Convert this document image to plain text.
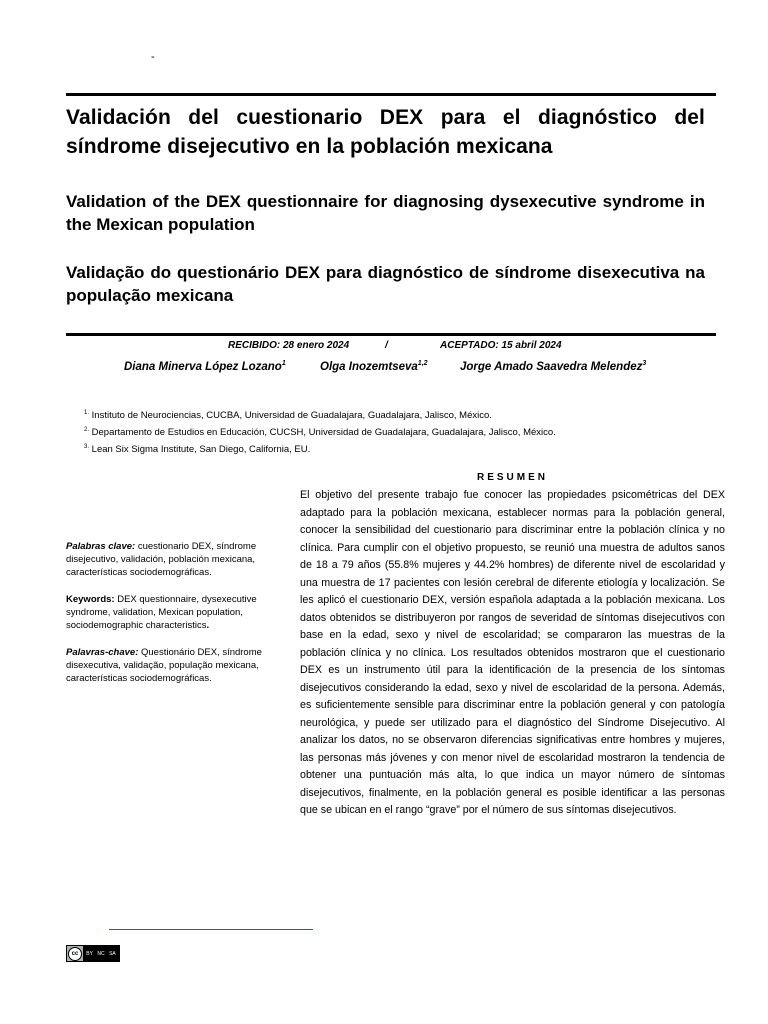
-
Validación del cuestionario DEX para el diagnóstico del síndrome disejecutivo en la población mexicana
Validation of the DEX questionnaire for diagnosing dysexecutive syndrome in the Mexican population
Validação do questionário DEX para diagnóstico de síndrome disexecutiva na população mexicana
RECIBIDO: 28 enero 2024	/	ACEPTADO: 15 abril 2024
Diana Minerva López Lozano$^1$	Olga Inozemtseva$^{1,2}$	Jorge Amado Saavedra Melendez$^3$
$^{1.}$ Instituto de Neurociencias, CUCBA, Universidad de Guadalajara, Guadalajara, Jalisco, México.
$^{2.}$ Departamento de Estudios en Educación, CUCSH, Universidad de Guadalajara, Guadalajara, Jalisco, México.
$^{3.}$ Lean Six Sigma Institute, San Diego, California, EU.
Palabras clave: cuestionario DEX, síndrome disejecutivo, validación, población mexicana, características sociodemográficas.
Keywords: DEX questionnaire, dysexecutive syndrome, validation, Mexican population, sociodemographic characteristics.
Palavras-chave: Questionário DEX, síndrome disexecutiva, validação, população mexicana, características sociodemográficas.
RESUMEN
El objetivo del presente trabajo fue conocer las propiedades psicométricas del DEX adaptado para la población mexicana, establecer normas para la población general, conocer la sensibilidad del cuestionario para discriminar entre la población clínica y no clínica. Para cumplir con el objetivo propuesto, se reunió una muestra de adultos sanos de 18 a 79 años (55.8% mujeres y 44.2% hombres) de diferente nivel de escolaridad y una muestra de 17 pacientes con lesión cerebral de diferente etiología y localización. Se les aplicó el cuestionario DEX, versión española adaptada a la población mexicana. Los datos obtenidos se distribuyeron por rangos de severidad de síntomas disejecutivos con base en la edad, sexo y nivel de escolaridad; se compararon las muestras de la población clínica y no clínica. Los resultados obtenidos mostraron que el cuestionario DEX es un instrumento útil para la identificación de la presencia de los síntomas disejecutivos considerando la edad, sexo y nivel de escolaridad de la persona. Además, es suficientemente sensible para discriminar entre la población general y con patología neurológica, y puede ser utilizado para el diagnóstico del Síndrome Disejecutivo. Al analizar los datos, no se observaron diferencias significativas entre hombres y mujeres, las personas más jóvenes y con menor nivel de escolaridad mostraron la tendencia de obtener una puntuación más alta, lo que indica un mayor número de síntomas disejecutivos, finalmente, en la población general es posible identificar a las personas que se ubican en el rango “grave” por el número de sus síntomas disejecutivos.
cc	BY NC SA
